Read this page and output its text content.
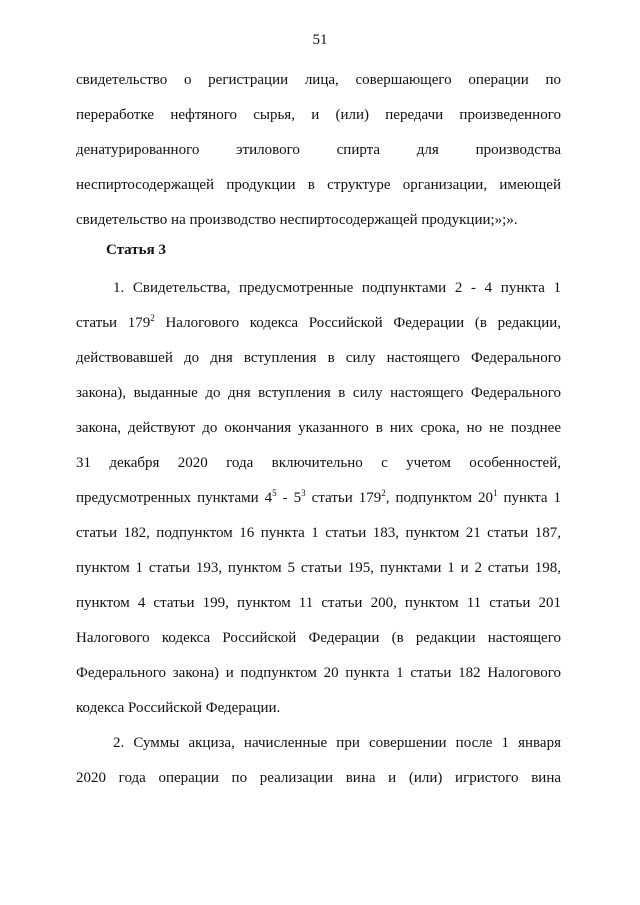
51
свидетельство о регистрации лица, совершающего операции по
переработке нефтяного сырья, и (или) передачи произведенного
денатурированного этилового спирта для производства
неспиртосодержащей продукции в структуре организации, имеющей
свидетельство на производство неспиртосодержащей продукции;»;».
Статья 3
1. Свидетельства, предусмотренные подпунктами 2 - 4 пункта 1
статьи $179^2$ Налогового кодекса Российской Федерации (в редакции,
действовавшей до дня вступления в силу настоящего Федерального
закона), выданные до дня вступления в силу настоящего Федерального
закона, действуют до окончания указанного в них срока, но не позднее
31 декабря 2020 года включительно с учетом особенностей,
предусмотренных пунктами $4^5 - 5^3$ статьи $179^2$, подпунктом $20^1$ пункта 1
статьи 182, подпунктом 16 пункта 1 статьи 183, пунктом 21 статьи 187,
пунктом 1 статьи 193, пунктом 5 статьи 195, пунктами 1 и 2 статьи 198,
пунктом 4 статьи 199, пунктом 11 статьи 200, пунктом 11 статьи 201
Налогового кодекса Российской Федерации (в редакции настоящего
Федерального закона) и подпунктом 20 пункта 1 статьи 182 Налогового
кодекса Российской Федерации.
2. Суммы акциза, начисленные при совершении после 1 января
2020 года операции по реализации вина и (или) игристого вина
